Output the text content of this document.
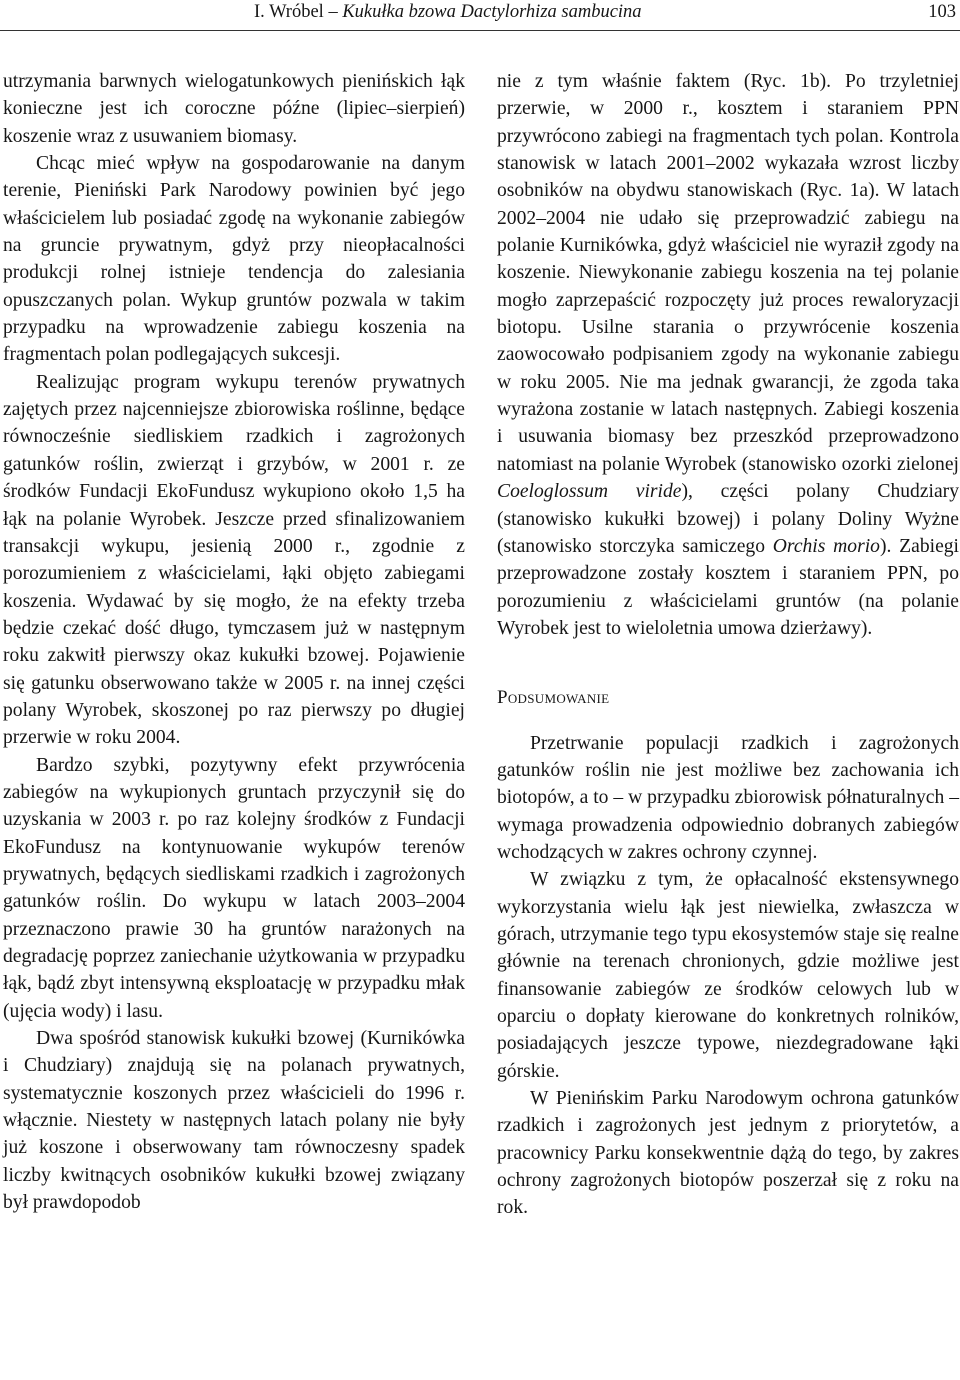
I. Wróbel – Kukułka bzowa Dactylorhiza sambucina	103

utrzymania barwnych wielogatunkowych pienińskich łąk konieczne jest ich coroczne późne (lipiec–sierpień) koszenie wraz z usuwaniem biomasy.

Chcąc mieć wpływ na gospodarowanie na danym terenie, Pieniński Park Narodowy powinien być jego właścicielem lub posiadać zgodę na wykonanie zabiegów na gruncie prywatnym, gdyż przy nieopłacalności produkcji rolnej istnieje tendencja do zalesiania opuszczanych polan. Wykup gruntów pozwala w takim przypadku na wprowadzenie zabiegu koszenia na fragmentach polan podlegających sukcesji.

Realizując program wykupu terenów prywatnych zajętych przez najcenniejsze zbiorowiska roślinne, będące równocześnie siedliskiem rzadkich i zagrożonych gatunków roślin, zwierząt i grzybów, w 2001 r. ze środków Fundacji EkoFundusz wykupiono około 1,5 ha łąk na polanie Wyrobek. Jeszcze przed sfinalizowaniem transakcji wykupu, jesienią 2000 r., zgodnie z porozumieniem z właścicielami, łąki objęto zabiegami koszenia. Wydawać by się mogło, że na efekty trzeba będzie czekać dość długo, tymczasem już w następnym roku zakwitł pierwszy okaz kukułki bzowej. Pojawienie się gatunku obserwowano także w 2005 r. na innej części polany Wyrobek, skoszonej po raz pierwszy po długiej przerwie w roku 2004.

Bardzo szybki, pozytywny efekt przywrócenia zabiegów na wykupionych gruntach przyczynił się do uzyskania w 2003 r. po raz kolejny środków z Fundacji EkoFundusz na kontynuowanie wykupów terenów prywatnych, będących siedliskami rzadkich i zagrożonych gatunków roślin. Do wykupu w latach 2003–2004 przeznaczono prawie 30 ha gruntów narażonych na degradację poprzez zaniechanie użytkowania w przypadku łąk, bądź zbyt intensywną eksploatację w przypadku młak (ujęcia wody) i lasu.

Dwa spośród stanowisk kukułki bzowej (Kurnikówka i Chudziary) znajdują się na polanach prywatnych, systematycznie koszonych przez właścicieli do 1996 r. włącznie. Niestety w następnych latach polany nie były już koszone i obserwowany tam równoczesny spadek liczby kwitnących osobników kukułki bzowej związany był prawdopodob

nie z tym właśnie faktem (Ryc. 1b). Po trzyletniej przerwie, w 2000 r., kosztem i staraniem PPN przywrócono zabiegi na fragmentach tych polan. Kontrola stanowisk w latach 2001–2002 wykazała wzrost liczby osobników na obydwu stanowiskach (Ryc. 1a). W latach 2002–2004 nie udało się przeprowadzić zabiegu na polanie Kurnikówka, gdyż właściciel nie wyraził zgody na koszenie. Niewykonanie zabiegu koszenia na tej polanie mogło zaprzepaścić rozpoczęty już proces rewaloryzacji biotopu. Usilne starania o przywrócenie koszenia zaowocowało podpisaniem zgody na wykonanie zabiegu w roku 2005. Nie ma jednak gwarancji, że zgoda taka wyrażona zostanie w latach następnych. Zabiegi koszenia i usuwania biomasy bez przeszkód przeprowadzono natomiast na polanie Wyrobek (stanowisko ozorki zielonej Coeloglossum viride), części polany Chudziary (stanowisko kukułki bzowej) i polany Doliny Wyżne (stanowisko storczyka samiczego Orchis morio). Zabiegi przeprowadzone zostały kosztem i staraniem PPN, po porozumieniu z właścicielami gruntów (na polanie Wyrobek jest to wieloletnia umowa dzierżawy).

Podsumowanie

Przetrwanie populacji rzadkich i zagrożonych gatunków roślin nie jest możliwe bez zachowania ich biotopów, a to – w przypadku zbiorowisk półnaturalnych – wymaga prowadzenia odpowiednio dobranych zabiegów wchodzących w zakres ochrony czynnej.

W związku z tym, że opłacalność ekstensywnego wykorzystania wielu łąk jest niewielka, zwłaszcza w górach, utrzymanie tego typu ekosystemów staje się realne głównie na terenach chronionych, gdzie możliwe jest finansowanie zabiegów ze środków celowych lub w oparciu o dopłaty kierowane do konkretnych rolników, posiadających jeszcze typowe, niezdegradowane łąki górskie.

W Pienińskim Parku Narodowym ochrona gatunków rzadkich i zagrożonych jest jednym z priorytetów, a pracownicy Parku konsekwentnie dążą do tego, by zakres ochrony zagrożonych biotopów poszerzał się z roku na rok.
